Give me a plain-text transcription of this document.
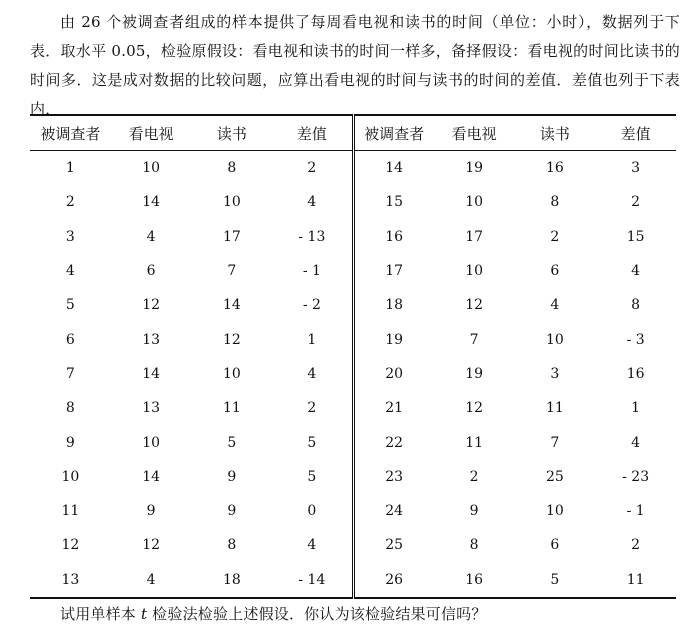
由 26 个被调查者组成的样本提供了每周看电视和读书的时间（单位：小时），数据列于下表．取水平 0.05，检验原假设：看电视和读书的时间一样多，备择假设：看电视的时间比读书的时间多．这是成对数据的比较问题，应算出看电视的时间与读书的时间的差值．差值也列于下表内．
被调查者	看电视	读书	差值	被调查者	看电视	读书	差值
1	10	8	2	14	19	16	3
2	14	10	4	15	10	8	2
3	4	17	- 13	16	17	2	15
4	6	7	- 1	17	10	6	4
5	12	14	- 2	18	12	4	8
6	13	12	1	19	7	10	- 3
7	14	10	4	20	19	3	16
8	13	11	2	21	12	11	1
9	10	5	5	22	11	7	4
10	14	9	5	23	2	25	- 23
11	9	9	0	24	9	10	- 1
12	12	8	4	25	8	6	2
13	4	18	- 14	26	16	5	11
试用单样本 t 检验法检验上述假设．你认为该检验结果可信吗？
